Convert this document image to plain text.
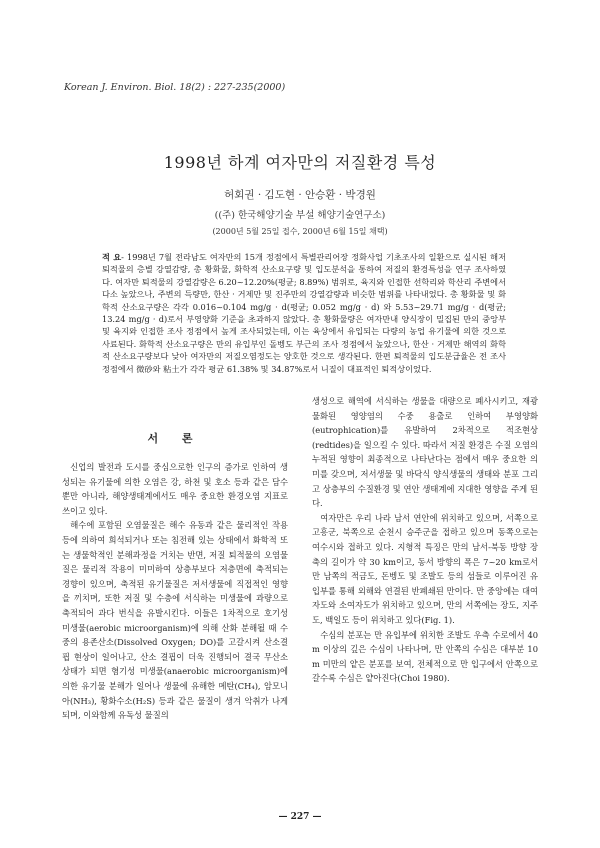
Korean J. Environ. Biol. 18(2) : 227-235(2000)
1998년 하계 여자만의 저질환경 특성
허회권 · 김도현 · 안승환 · 박경원
((주) 한국해양기술 부설 해양기술연구소)
(2000년 5월 25일 접수, 2000년 6월 15일 채택)
적 요- 1998년 7월 전라남도 여자만의 15개 정점에서 특별관리어장 정화사업 기초조사의 일환으로 실시된 해저 퇴적물의 층별 강열감량, 총 황화물, 화학적 산소요구량 및 입도분석을 통하여 저질의 환경특성을 연구 조사하였다. 여자만 퇴적물의 강열감량은 6.20~12.20%(평균; 8.89%) 범위로, 육지와 인접한 선학리와 학산리 주변에서 다소 높았으나, 주변의 득량만, 한산 · 거제만 및 진주만의 강열감량과 비슷한 범위를 나타내었다. 총 황화물 및 화학적 산소요구량은 각각 0.016~0.104 mg/g · d(평균; 0.052 mg/g · d) 와 5.53~29.71 mg/g · d(평균; 13.24 mg/g · d)로서 부영양화 기준을 초과하지 않았다. 총 황화물량은 여자만내 양식장이 밀집된 만의 중앙부 및 육지와 인접한 조사 정점에서 높게 조사되었는데, 이는 육상에서 유입되는 다량의 농업 유기물에 의한 것으로 사료된다. 화학적 산소요구량은 만의 유입부인 돌벵도 부근의 조사 정점에서 높았으나, 한산 · 거제만 해역의 화학적 산소요구량보다 낮아 여자만의 저질오염정도는 양호한 것으로 생각된다. 한편 퇴적물의 입도분급율은 전 조사정점에서 微砂와 粘土가 각각 평균 61.38% 및 34.87%로서 니질이 대표적인 퇴적상이었다.
서 론

신업의 발전과 도시를 중심으로한 인구의 증가로 인하여 생성되는 유기물에 의한 오염은 강, 하천 및 호소 등과 같은 담수 뿐만 아니라, 해양생태계에서도 매우 중요한 환경오염 지표로 쓰이고 있다.

해수에 포함된 오염물질은 해수 유동과 같은 물리적인 작용 등에 의하여 희석되거나 또는 침전해 있는 상태에서 화학적 또는 생물학적인 분해과정을 거치는 반면, 저질 퇴적물의 오염물질은 물리적 작용이 미미하여 상층부보다 저층면에 축적되는 경향이 있으며, 축적된 유기물질은 저서생물에 직접적인 영향을 끼치며, 또한 저질 및 수층에 서식하는 미생물에 과량으로 축적되어 과다 번식을 유발시킨다. 이들은 1차적으로 호기성 미생물(aerobic microorganism)에 의해 산화 분해될 때 수중의 용존산소(Dissolved Oxygen; DO)를 고갈시켜 산소결핍 현상이 일어나고, 산소 결핍이 더욱 진행되어 결국 무산소 상태가 되면 혐기성 미생물(anaerobic microorganism)에 의한 유기물 분해가 일어나 생물에 유해한 메탄(CH₄), 암모니아(NH₃), 황화수소(H₂S) 등과 같은 물질이 생겨 악취가 나게 되며, 이와함께 유독성 물질의

생성으로 해역에 서식하는 생물을 대량으로 폐사시키고, 재광물화된 영양염의 수중 용출로 인하여 부영양화(eutrophication)를 유발하여 2차적으로 적조현상(redtides)을 일으킬 수 있다. 따라서 저질 환경은 수질 오염의 누적된 영향이 최종적으로 나타난다는 점에서 매우 중요한 의미를 갖으며, 저서생물 및 바닥식 양식생물의 생태와 분포 그리고 상층부의 수질환경 및 연안 생태계에 지대한 영향을 주게 된다.

여자만은 우리 나라 남서 연안에 위치하고 있으며, 서쪽으로 고흥군, 북쪽으로 순천시 승주군을 접하고 있으며 동쪽으로는 여수시와 접하고 있다. 지형적 특징은 만의 남서-북동 방향 장축의 길이가 약 30 km이고, 동서 방향의 폭은 7~20 km로서 만 남쪽의 적금도, 돈벵도 및 조발도 등의 섬들로 이루어진 유입부를 통해 외해와 연결된 반폐쇄된 만이다. 만 중앙에는 대여자도와 소여자도가 위치하고 있으며, 만의 서쪽에는 장도, 지주도, 백일도 등이 위치하고 있다(Fig. 1).

수심의 분포는 만 유입부에 위치한 조발도 우측 수로에서 40 m 이상의 깊은 수심이 나타나며, 만 안쪽의 수심은 대부분 10 m 미만의 얕은 분포를 보여, 전체적으로 만 입구에서 안쪽으로 갈수록 수심은 얕아진다(Choi 1980).

— 227 —
